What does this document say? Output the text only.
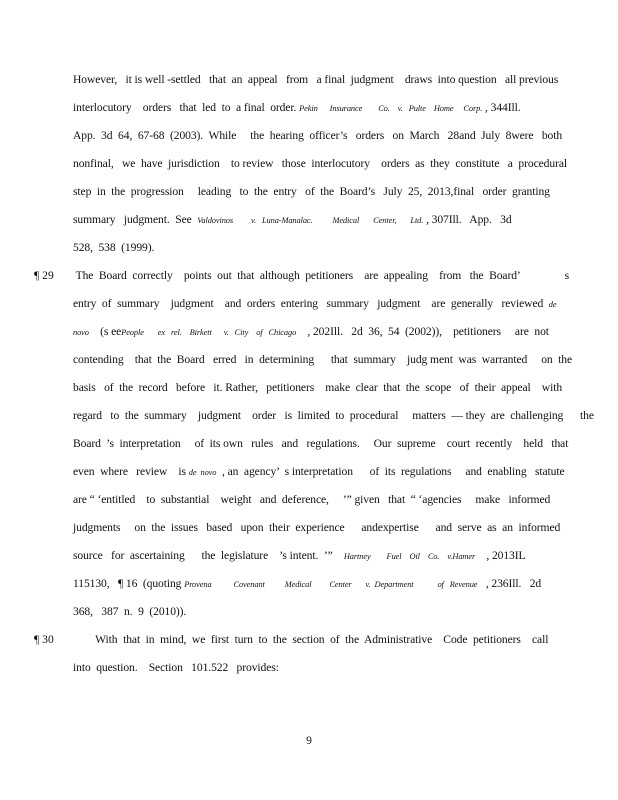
However,   it is well -settled   that  an  appeal   from   a final  judgment    draws  into question   all previous
interlocutory    orders   that  led  to  a final  order. Pekin      Insurance        Co.    v.   Pulte    Home     Corp. , 344Ill.
App.  3d  64,  67-68  (2003).  While     the  hearing  officer’s   orders   on  March   28and  July  8were   both
nonfinal,   we  have  jurisdiction    to review   those  interlocutory    orders  as  they  constitute   a  procedural
step  in  the  progression     leading   to  the  entry   of  the  Board’s   July  25,  2013,final   order  granting
summary   judgment.  See Valdovinos         v.   Luna-Manalac.          Medical       Center,       Ltd. , 307Ill.   App.   3d
528,  538  (1999).
¶ 29 The  Board  correctly    points  out  that  although  petitioners    are  appealing    from   the  Board’	s
entry  of  summary    judgment    and  orders  entering   summary   judgment    are  generally   reviewed de
novo (s eePeople       ex   rel.    Birkett      v.   City    of   Chicago    , 202Ill.   2d  36,  54  (2002)),    petitioners     are  not
contending    that  the  Board   erred   in  determining      that  summary    judg ment  was  warranted     on  the
basis   of  the  record   before   it. Rather,   petitioners    make  clear  that  the  scope   of  their  appeal    with
regard   to  the  summary    judgment    order   is  limited  to  procedural     matters  — they  are  challenging      the
Board  ’s  interpretation     of  its own   rules   and   regulations.     Our  supreme    court  recently    held   that
even  where   review    is de  novo  , an  agency’  s interpretation      of  its  regulations     and  enabling   statute
are “ ‘entitled    to  substantial    weight   and  deference,     ’” given   that  “ ‘agencies     make   informed
judgments     on  the  issues   based   upon  their  experience      andexpertise      and  serve  as  an  informed
source   for  ascertaining      the  legislature    ’s intent.  ’” Hartney        Fuel    Oil    Co.    v.Hamer    , 2013IL
115130,   ¶ 16  (quoting Provena           Covenant          Medical         Center       v.  Department            of   Revenue   , 236Ill.   2d
368,   387  n.  9  (2010)).
¶ 30 With  that  in  mind,  we  first  turn  to  the  section  of  the  Administrative    Code  petitioners    call
into  question.    Section   101.522   provides:
9
